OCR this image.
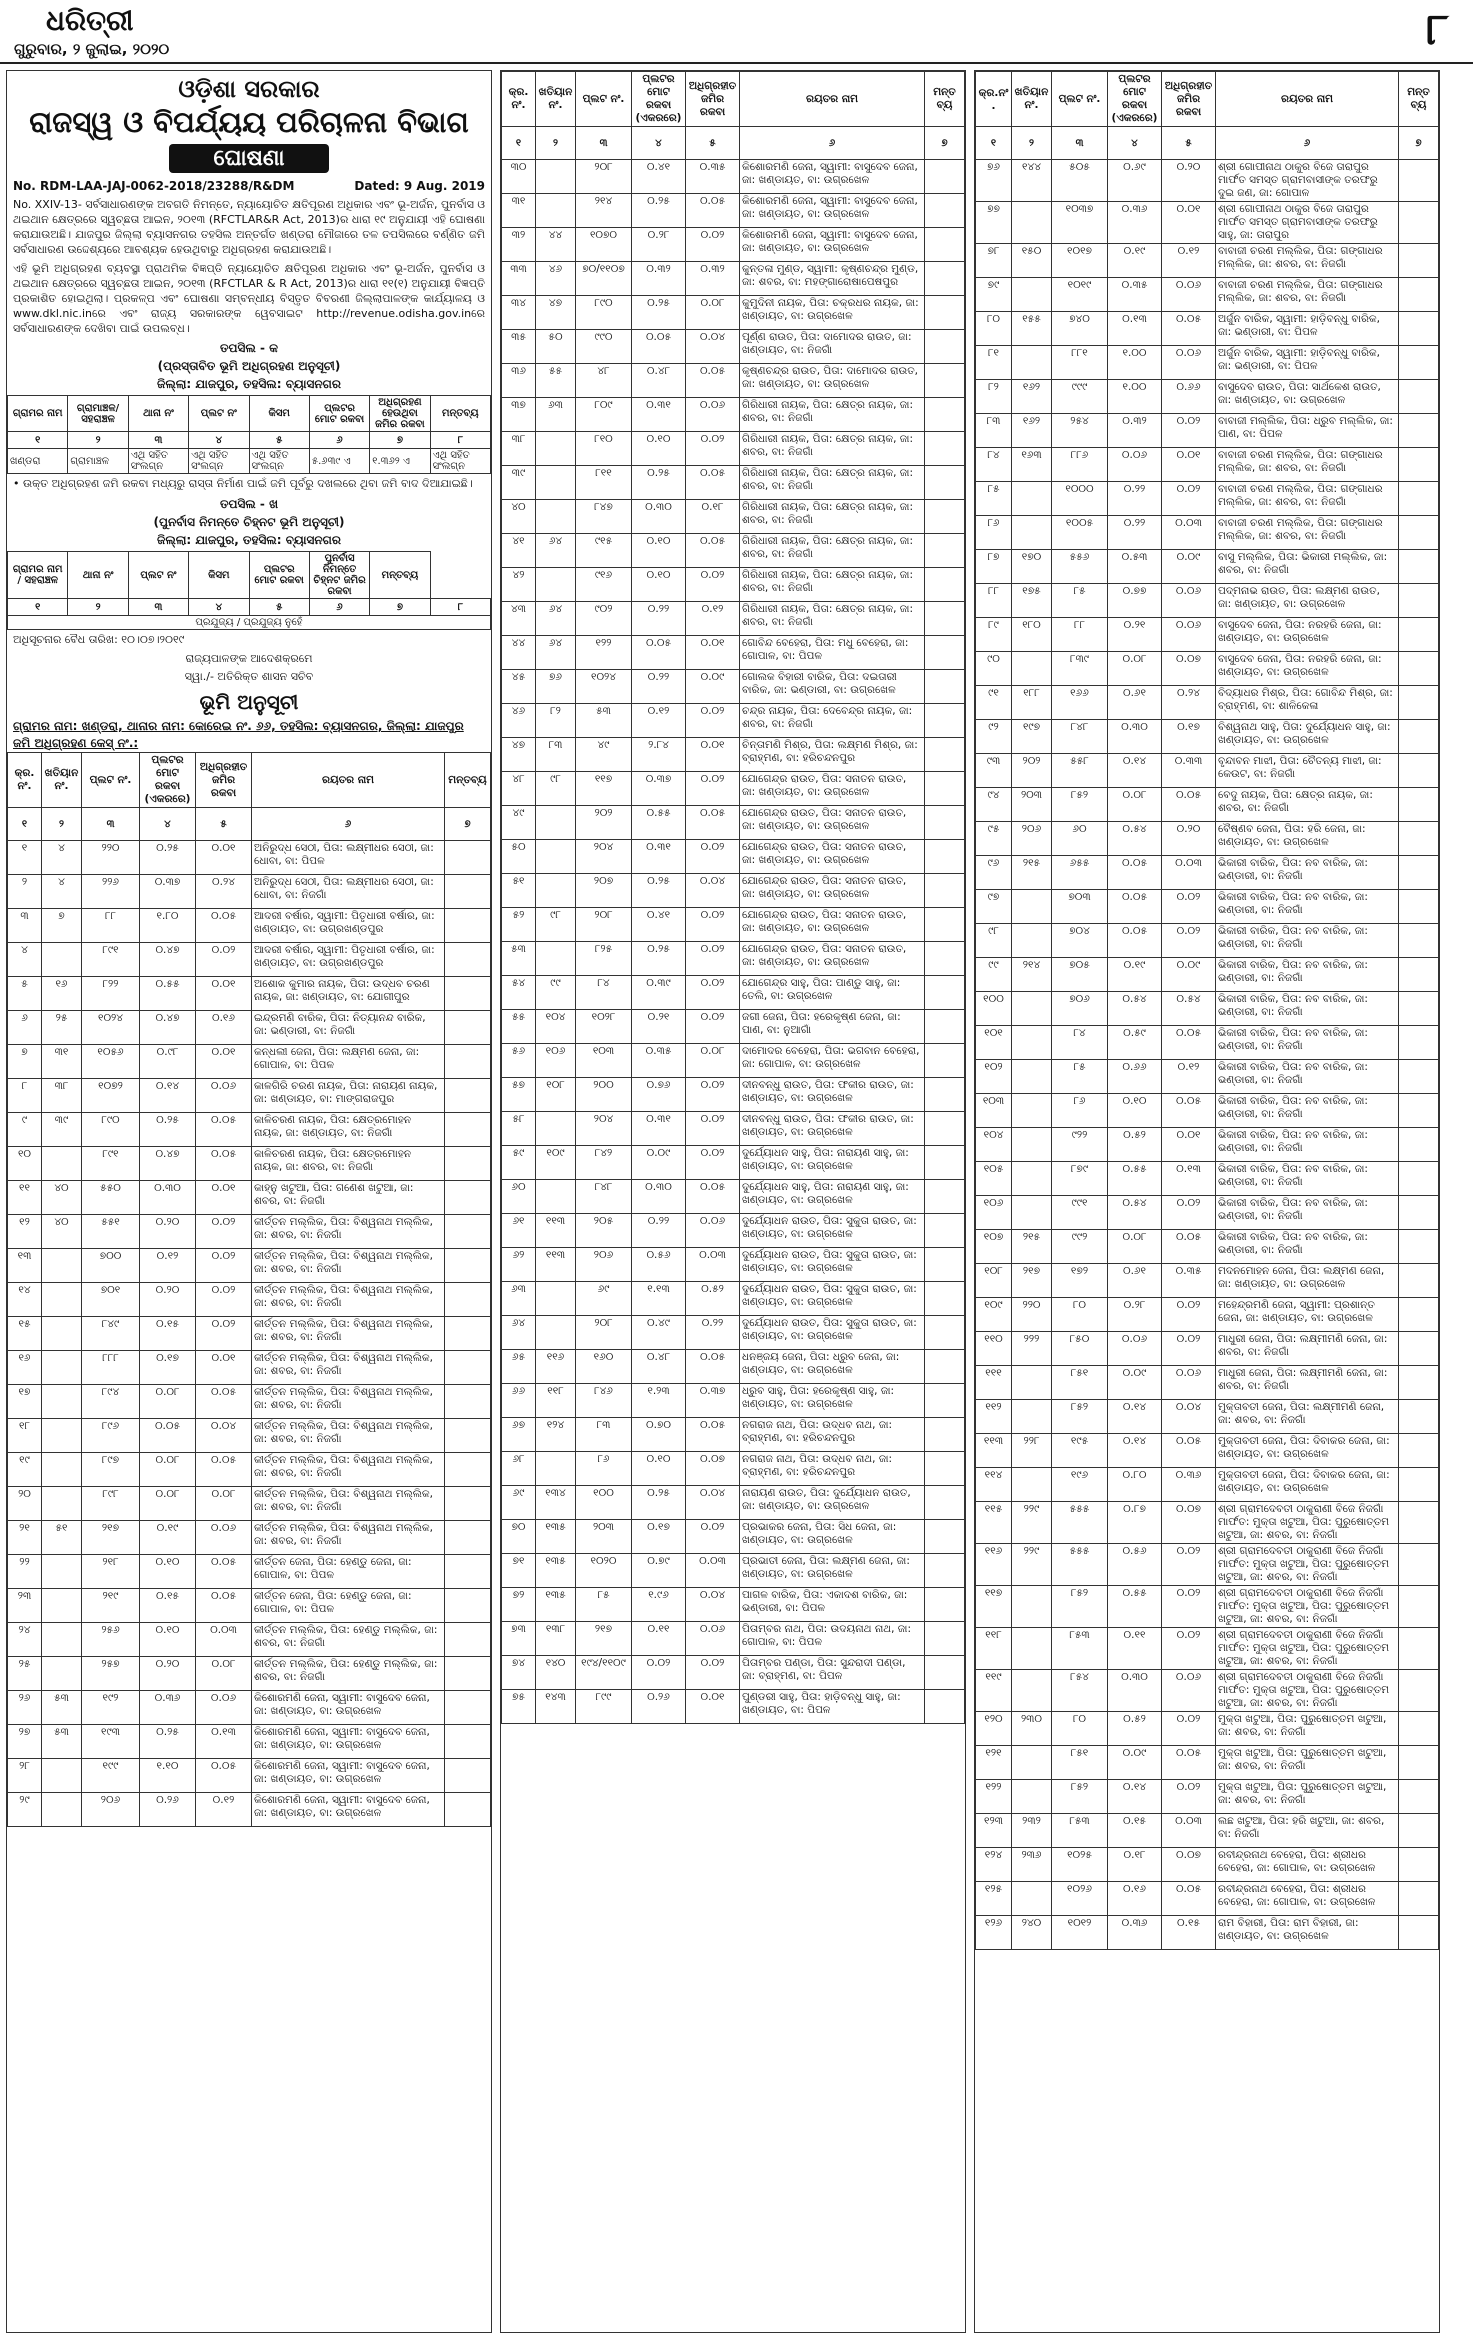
ଧରିତ୍ରୀ
ଗୁରୁବାର, ୨ ଜୁଲାଇ, ୨୦୨୦	୮
ଓଡ଼ିଶା ସରକାର
ରାଜସ୍ୱ ଓ ବିପର୍ଯ୍ୟୟ ପରିଚାଳନା ବିଭାଗ
ଘୋଷଣା
No. RDM-LAA-JAJ-0062-2018/23288/R&DM	Dated: 9 Aug. 2019
No. XXIV-13- ସର୍ବସାଧାରଣଙ୍କ ଅବଗତି ନିମନ୍ତେ, ନ୍ୟାୟୋଚିତ କ୍ଷତିପୂରଣ ଅଧିକାର ଏବଂ ଭୂ-ଅର୍ଜନ, ପୁନର୍ବାସ ଓ ଥଇଥାନ କ୍ଷେତ୍ରରେ ସ୍ୱଚ୍ଛତା ଆଇନ, ୨୦୧୩ (RFCTLAR&R Act, 2013)ର ଧାରା ୧୯ ଅନୁଯାୟୀ ଏହି ଘୋଷଣା କରାଯାଉଅଛି। ଯାଜପୁର ଜିଲ୍ଲା ବ୍ୟାସନଗର ତହସିଲ ଅନ୍ତର୍ଗତ ଖଣ୍ଡରା ମୌଜାରେ ତଳ ତପସିଲରେ ବର୍ଣ୍ଣିତ ଜମି ସର୍ବସାଧାରଣ ଉଦ୍ଦେଶ୍ୟରେ ଆବଶ୍ୟକ ହେଉଥିବାରୁ ଅଧିଗ୍ରହଣ କରାଯାଉଅଛି।
ଏହି ଭୂମି ଅଧିଗ୍ରହଣ ବ୍ୟବସ୍ଥା ପ୍ରାଥମିକ ବିଜ୍ଞପ୍ତି ନ୍ୟାୟୋଚିତ କ୍ଷତିପୂରଣ ଅଧିକାର ଏବଂ ଭୂ-ଅର୍ଜନ, ପୁନର୍ବାସ ଓ ଥଇଥାନ କ୍ଷେତ୍ରରେ ସ୍ୱଚ୍ଛତା ଆଇନ, ୨୦୧୩ (RFCTLAR & R Act, 2013)ର ଧାରା ୧୧(୧) ଅନୁଯାୟୀ ବିଜ୍ଞପ୍ତି ପ୍ରକାଶିତ ହୋଇଥିଲା। ପ୍ରକଳ୍ପ ଏବଂ ଘୋଷଣା ସମ୍ବନ୍ଧୀୟ ବିସ୍ତୃତ ବିବରଣୀ ଜିଲ୍ଲାପାଳଙ୍କ କାର୍ଯ୍ୟାଳୟ ଓ www.dkl.nic.inରେ ଏବଂ ରାଜ୍ୟ ସରକାରଙ୍କ ୱେବସାଇଟ http://revenue.odisha.gov.inରେ ସର୍ବସାଧାରଣଙ୍କ ଦେଖିବା ପାଇଁ ଉପଲବ୍ଧ।
ତପସିଲ - କ
(ପ୍ରସ୍ତାବିତ ଭୂମି ଅଧିଗ୍ରହଣ ଅନୁସୂଚୀ)
ଜିଲ୍ଲା: ଯାଜପୁର, ତହସିଲ: ବ୍ୟାସନଗର
ଗ୍ରାମର ନାମ	ଗ୍ରାମାଞ୍ଚଳ/ସହରାଞ୍ଚଳ	ଥାନା ନଂ	ପ୍ଲଟ ନଂ	କିସମ	ପ୍ଲଟର ମୋଟ ରକବା	ଅଧିଗ୍ରହଣ ହେଉଥିବା ଜମିର ରକବା	ମନ୍ତବ୍ୟ
୧	୨	୩	୪	୫	୬	୭	୮
ଖଣ୍ଡରା	ଗ୍ରାମାଞ୍ଚଳ	ଏଥି ସହିତ ସଂଲଗ୍ନ	ଏଥି ସହିତ ସଂଲଗ୍ନ	ଏଥି ସହିତ ସଂଲଗ୍ନ	୫.୬୩୯ ଏ	୧.୩୬୨ ଏ	ଏଥି ସହିତ ସଂଲଗ୍ନ
• ଉକ୍ତ ଅଧିଗ୍ରହଣ ଜମି ରକବା ମଧ୍ୟରୁ ରାସ୍ତା ନିର୍ମାଣ ପାଇଁ ଜମି ପୂର୍ବରୁ ଦଖଲରେ ଥିବା ଜମି ବାଦ ଦିଆଯାଇଛି।
ତପସିଲ - ଖ
(ପୁନର୍ବାସ ନିମନ୍ତେ ଚିହ୍ନଟ ଭୂମି ଅନୁସୂଚୀ)
ଜିଲ୍ଲା: ଯାଜପୁର, ତହସିଲ: ବ୍ୟାସନଗର
ଗ୍ରାମର ନାମ / ସହରାଞ୍ଚଳ	ଥାନା ନଂ	ପ୍ଲଟ ନଂ	କିସମ	ପ୍ଲଟର ମୋଟ ରକବା	ପୁନର୍ବାସ ନିମନ୍ତେ ଚିହ୍ନଟ ଜମିର ରକବା	ମନ୍ତବ୍ୟ	
୧	୨	୩	୪	୫	୬	୭	୮
ପ୍ରଯୁଜ୍ୟ / ପ୍ରଯୁଜ୍ୟ ନୁହେଁ							
ଅଧିସୂଚନାର ବୈଧ ତାରିଖ: ୧୦।୦୭।୨୦୧୯
ରାଜ୍ୟପାଳଙ୍କ ଆଦେଶକ୍ରମେ
ସ୍ୱା./- ଅତିରିକ୍ତ ଶାସନ ସଚିବ
ଭୂମି ଅନୁସୂଚୀ
ଗ୍ରାମର ନାମ: ଖଣ୍ଡରା, ଥାନାର ନାମ: କୋରେଇ ନଂ. ୬୬, ତହସିଲ: ବ୍ୟାସନଗର, ଜିଲ୍ଲା: ଯାଜପୁର
ଜମି ଅଧିଗ୍ରହଣ କେସ୍ ନଂ.:
କ୍ର.ନଂ.	ଖତିୟାନ ନଂ.	ପ୍ଲଟ ନଂ.	ପ୍ଲଟର ମୋଟ ରକବା (ଏକରରେ)	ଅଧିଗ୍ରହୀତ ଜମିର ରକବା	ରୟତର ନାମ	ମନ୍ତବ୍ୟ
୧	୨	୩	୪	୫	୬	୭
୧	୪	୨୨୦	୦.୨୫	୦.୦୧	ଅନିରୁଦ୍ଧ ସେଠୀ, ପିତା: ଲକ୍ଷ୍ମୀଧର ସେଠୀ, ଜା: ଧୋବା, ବା: ପିପଳ	
୨	୪	୨୨୬	୦.୩୭	୦.୨୪	ଅନିରୁଦ୍ଧ ସେଠୀ, ପିତା: ଲକ୍ଷ୍ମୀଧର ସେଠୀ, ଜା: ଧୋବା, ବା: ନିଜଗାଁ	
୩	୭	୮୮	୧.୮୦	୦.୦୫	ଆଦରୀ ବର୍ଷାର, ସ୍ୱାମୀ: ପିତୃଧାରୀ ବର୍ଷାର, ଜା: ଖଣ୍ଡାୟତ, ବା: ଉଗ୍ରଖଣ୍ଡପୁର	
୪		୮୯୧	୦.୪୭	୦.୦୨	ଆଦରୀ ବର୍ଷାର, ସ୍ୱାମୀ: ପିତୃଧାରୀ ବର୍ଷାର, ଜା: ଖଣ୍ଡାୟତ, ବା: ଉଗ୍ରଖଣ୍ଡପୁର	
୫	୧୬	୮୨୨	୦.୫୫	୦.୦୧	ଅଶୋକ କୁମାର ନାୟକ, ପିତା: ଉଦ୍ଧବ ଚରଣ ନାୟକ, ଜା: ଖଣ୍ଡାୟତ, ବା: ଯୋଗୀପୁର	
୬	୨୫	୧୦୨୪	୦.୪୭	୦.୧୬	ଇନ୍ଦ୍ରମଣି ବାରିକ, ପିତା: ନିତ୍ୟାନନ୍ଦ ବାରିକ, ଜା: ଭଣ୍ଡାରୀ, ବା: ନିଜଗାଁ	
୭	୩୧	୧୦୫୬	୦.୯୮	୦.୦୧	କନ୍ଧଲୀ ଜେନା, ପିତା: ଲକ୍ଷ୍ମଣ ଜେନା, ଜା: ଗୋପାଳ, ବା: ପିପଳ	
୮	୩୮	୧୦୭୨	୦.୧୪	୦.୦୬	କାଳଗିରି ଚରଣ ନାୟକ, ପିତା: ନାରାୟଣ ନାୟକ, ଜା: ଖଣ୍ଡାୟତ, ବା: ମାଙ୍ଗରାଜପୁର	
୯	୩୯	୮୯୦	୦.୨୫	୦.୦୫	କାଳିଚରଣ ନାୟକ, ପିତା: କ୍ଷେତ୍ରମୋହନ ନାୟକ, ଜା: ଖଣ୍ଡାୟତ, ବା: ନିଜଗାଁ	
୧୦		୮୯୧	୦.୪୭	୦.୦୫	କାଳିଚରଣ ନାୟକ, ପିତା: କ୍ଷେତ୍ରମୋହନ ନାୟକ, ଜା: ଶବର, ବା: ନିଜଗାଁ	
୧୧	୪୦	୫୫୦	୦.୩୦	୦.୦୧	କାହ୍ନୁ ଖଟୁଆ, ପିତା: ଗଣେଶ ଖଟୁଆ, ଜା: ଶବର, ବା: ନିଜଗାଁ	
୧୨	୪୦	୫୫୧	୦.୨୦	୦.୦୨	କୀର୍ତ୍ତନ ମଲ୍ଲିକ, ପିତା: ବିଶ୍ୱନାଥ ମଲ୍ଲିକ, ଜା: ଶବର, ବା: ନିଜଗାଁ	
୧୩		୭୦୦	୦.୧୨	୦.୦୨	କୀର୍ତ୍ତନ ମଲ୍ଲିକ, ପିତା: ବିଶ୍ୱନାଥ ମଲ୍ଲିକ, ଜା: ଶବର, ବା: ନିଜଗାଁ	
୧୪		୭୦୧	୦.୨୦	୦.୦୨	କୀର୍ତ୍ତନ ମଲ୍ଲିକ, ପିତା: ବିଶ୍ୱନାଥ ମଲ୍ଲିକ, ଜା: ଶବର, ବା: ନିଜଗାଁ	
୧୫		୮୪୯	୦.୧୫	୦.୦୨	କୀର୍ତ୍ତନ ମଲ୍ଲିକ, ପିତା: ବିଶ୍ୱନାଥ ମଲ୍ଲିକ, ଜା: ଶବର, ବା: ନିଜଗାଁ	
୧୬		୮୮୮	୦.୧୭	୦.୦୧	କୀର୍ତ୍ତନ ମଲ୍ଲିକ, ପିତା: ବିଶ୍ୱନାଥ ମଲ୍ଲିକ, ଜା: ଶବର, ବା: ନିଜଗାଁ	
୧୭		୮୯୪	୦.୦୮	୦.୦୫	କୀର୍ତ୍ତନ ମଲ୍ଲିକ, ପିତା: ବିଶ୍ୱନାଥ ମଲ୍ଲିକ, ଜା: ଶବର, ବା: ନିଜଗାଁ	
୧୮		୮୯୬	୦.୦୫	୦.୦୪	କୀର୍ତ୍ତନ ମଲ୍ଲିକ, ପିତା: ବିଶ୍ୱନାଥ ମଲ୍ଲିକ, ଜା: ଶବର, ବା: ନିଜଗାଁ	
୧୯		୮୯୭	୦.୦୮	୦.୦୫	କୀର୍ତ୍ତନ ମଲ୍ଲିକ, ପିତା: ବିଶ୍ୱନାଥ ମଲ୍ଲିକ, ଜା: ଶବର, ବା: ନିଜଗାଁ	
୨୦		୮୯୮	୦.୦୮	୦.୦୮	କୀର୍ତ୍ତନ ମଲ୍ଲିକ, ପିତା: ବିଶ୍ୱନାଥ ମଲ୍ଲିକ, ଜା: ଶବର, ବା: ନିଜଗାଁ	
୨୧	୫୧	୨୧୭	୦.୧୯	୦.୦୬	କୀର୍ତ୍ତନ ମଲ୍ଲିକ, ପିତା: ବିଶ୍ୱନାଥ ମଲ୍ଲିକ, ଜା: ଶବର, ବା: ନିଜଗାଁ	
୨୨		୨୧୮	୦.୧୦	୦.୦୫	କୀର୍ତ୍ତନ ଜେନା, ପିତା: ହେଣ୍ଡୁ ଜେନା, ଜା: ଗୋପାଳ, ବା: ପିପଳ	
୨୩		୨୧୯	୦.୧୫	୦.୦୫	କୀର୍ତ୍ତନ ଜେନା, ପିତା: ହେଣ୍ଡୁ ଜେନା, ଜା: ଗୋପାଳ, ବା: ପିପଳ	
୨୪		୨୫୬	୦.୧୦	୦.୦୩	କୀର୍ତ୍ତନ ମଲ୍ଲିକ, ପିତା: ହେଣ୍ଡୁ ମଲ୍ଲିକ, ଜା: ଶବର, ବା: ନିଜଗାଁ	
୨୫		୨୫୭	୦.୨୦	୦.୦୮	କୀର୍ତ୍ତନ ମଲ୍ଲିକ, ପିତା: ହେଣ୍ଡୁ ମଲ୍ଲିକ, ଜା: ଶବର, ବା: ନିଜଗାଁ	
୨୬	୫୩	୧୯୨	୦.୩୬	୦.୦୬	କିଶୋରମଣି ଜେନା, ସ୍ୱାମୀ: ବାସୁଦେବ ଜେନା, ଜା: ଖଣ୍ଡାୟତ, ବା: ଉଗ୍ରଖେଳ	
୨୭	୫୩	୧୯୩	୦.୨୫	୦.୧୩	କିଶୋରମଣି ଜେନା, ସ୍ୱାମୀ: ବାସୁଦେବ ଜେନା, ଜା: ଖଣ୍ଡାୟତ, ବା: ଉଗ୍ରଖେଳ	
୨୮		୧୯୯	୧.୧୦	୦.୦୫	କିଶୋରମଣି ଜେନା, ସ୍ୱାମୀ: ବାସୁଦେବ ଜେନା, ଜା: ଖଣ୍ଡାୟତ, ବା: ଉଗ୍ରଖେଳ	
୨୯		୨୦୬	୦.୨୬	୦.୧୨	କିଶୋରମଣି ଜେନା, ସ୍ୱାମୀ: ବାସୁଦେବ ଜେନା, ଜା: ଖଣ୍ଡାୟତ, ବା: ଉଗ୍ରଖେଳ	
କ୍ର.ନଂ.	ଖତିୟାନ ନଂ.	ପ୍ଲଟ ନଂ.	ପ୍ଲଟର ମୋଟ ରକବା (ଏକରରେ)	ଅଧିଗ୍ରହୀତ ଜମିର ରକବା	ରୟତର ନାମ	ମନ୍ତବ୍ୟ
୧	୨	୩	୪	୫	୬	୭
୩୦		୨୦୮	୦.୪୧	୦.୩୫	କିଶୋରମଣି ଜେନା, ସ୍ୱାମୀ: ବାସୁଦେବ ଜେନା, ଜା: ଖଣ୍ଡାୟତ, ବା: ଉଗ୍ରଖେଳ	
୩୧		୨୧୪	୦.୨୫	୦.୦୫	କିଶୋରମଣି ଜେନା, ସ୍ୱାମୀ: ବାସୁଦେବ ଜେନା, ଜା: ଖଣ୍ଡାୟତ, ବା: ଉଗ୍ରଖେଳ	
୩୨	୪୪	୧୦୭୦	୦.୨୮	୦.୦୨	କିଶୋରମଣି ଜେନା, ସ୍ୱାମୀ: ବାସୁଦେବ ଜେନା, ଜା: ଖଣ୍ଡାୟତ, ବା: ଉଗ୍ରଖେଳ	
୩୩	୪୬	୭୦/୧୧୦୭	୦.୩୨	୦.୩୨	କୁନ୍ତଳା ମୁଣ୍ଡ, ସ୍ୱାମୀ: କୃଷ୍ଣଚନ୍ଦ୍ର ମୁଣ୍ଡ, ଜା: ଶବର, ବା: ମହଙ୍ଗାରୋଷାପେଷପୁର	
୩୪	୪୭	୮୯୦	୦.୨୫	୦.୦୮	କୁମୁଦିନୀ ନାୟକ, ପିତା: ଚକ୍ରଧର ନାୟକ, ଜା: ଖଣ୍ଡାୟତ, ବା: ଉଗ୍ରଖେଳ	
୩୫	୫୦	୯୯୦	୦.୦୫	୦.୦୪	ପୂର୍ଣ୍ଣ ରାଉତ, ପିତା: ଦାମୋଦର ରାଉତ, ଜା: ଖଣ୍ଡାୟତ, ବା: ନିଜଗାଁ	
୩୬	୫୫	୪୮	୦.୪୮	୦.୦୫	କୃଷ୍ଣଚନ୍ଦ୍ର ରାଉତ, ପିତା: ଦାମୋଦର ରାଉତ, ଜା: ଖଣ୍ଡାୟତ, ବା: ଉଗ୍ରଖେଳ	
୩୭	୬୩	୮୦୯	୦.୩୧	୦.୦୬	ଗିରିଧାରୀ ନାୟକ, ପିତା: କ୍ଷେତ୍ର ନାୟକ, ଜା: ଶବର, ବା: ନିଜଗାଁ	
୩୮		୮୧୦	୦.୧୦	୦.୦୨	ଗିରିଧାରୀ ନାୟକ, ପିତା: କ୍ଷେତ୍ର ନାୟକ, ଜା: ଶବର, ବା: ନିଜଗାଁ	
୩୯		୮୧୧	୦.୨୫	୦.୦୫	ଗିରିଧାରୀ ନାୟକ, ପିତା: କ୍ଷେତ୍ର ନାୟକ, ଜା: ଶବର, ବା: ନିଜଗାଁ	
୪୦		୮୪୭	୦.୩୦	୦.୧୮	ଗିରିଧାରୀ ନାୟକ, ପିତା: କ୍ଷେତ୍ର ନାୟକ, ଜା: ଶବର, ବା: ନିଜଗାଁ	
୪୧	୬୪	୯୧୫	୦.୧୦	୦.୦୫	ଗିରିଧାରୀ ନାୟକ, ପିତା: କ୍ଷେତ୍ର ନାୟକ, ଜା: ଶବର, ବା: ନିଜଗାଁ	
୪୨		୯୧୬	୦.୧୦	୦.୦୨	ଗିରିଧାରୀ ନାୟକ, ପିତା: କ୍ଷେତ୍ର ନାୟକ, ଜା: ଶବର, ବା: ନିଜଗାଁ	
୪୩	୬୪	୯୦୨	୦.୨୨	୦.୧୨	ଗିରିଧାରୀ ନାୟକ, ପିତା: କ୍ଷେତ୍ର ନାୟକ, ଜା: ଶବର, ବା: ନିଜଗାଁ	
୪୪	୬୪	୧୨୨	୦.୦୫	୦.୦୧	ଗୋବିନ୍ଦ ବେହେରା, ପିତା: ମଧୁ ବେହେରା, ଜା: ଗୋପାଳ, ବା: ପିପଳ	
୪୫	୭୬	୧୦୨୪	୦.୨୨	୦.୦୯	ଗୋଲକ ବିହାରୀ ବାରିକ, ପିତା: ଦଇତାରୀ ବାରିକ, ଜା: ଭଣ୍ଡାରୀ, ବା: ଉଗ୍ରଖେଳ	
୪୬	୮୨	୫୩	୦.୧୨	୦.୦୨	ଚନ୍ଦ୍ର ନାୟକ, ପିତା: ଦେବେନ୍ଦ୍ର ନାୟକ, ଜା: ଶବର, ବା: ନିଜଗାଁ	
୪୭	୮୩	୪୯	୨.୮୪	୦.୦୧	ଚିନ୍ତାମଣି ମିଶ୍ର, ପିତା: ଲକ୍ଷ୍ମଣ ମିଶ୍ର, ଜା: ବ୍ରାହ୍ମଣ, ବା: ହରିଚନ୍ଦନପୁର	
୪୮	୯୮	୧୧୭	୦.୩୭	୦.୦୨	ଯୋଗେନ୍ଦ୍ର ରାଉତ, ପିତା: ସନାତନ ରାଉତ, ଜା: ଖଣ୍ଡାୟତ, ବା: ଉଗ୍ରଖେଳ	
୪୯		୨୦୨	୦.୫୫	୦.୦୫	ଯୋଗେନ୍ଦ୍ର ରାଉତ, ପିତା: ସନାତନ ରାଉତ, ଜା: ଖଣ୍ଡାୟତ, ବା: ଉଗ୍ରଖେଳ	
୫୦		୨୦୪	୦.୩୧	୦.୦୨	ଯୋଗେନ୍ଦ୍ର ରାଉତ, ପିତା: ସନାତନ ରାଉତ, ଜା: ଖଣ୍ଡାୟତ, ବା: ଉଗ୍ରଖେଳ	
୫୧		୨୦୭	୦.୨୫	୦.୦୪	ଯୋଗେନ୍ଦ୍ର ରାଉତ, ପିତା: ସନାତନ ରାଉତ, ଜା: ଖଣ୍ଡାୟତ, ବା: ଉଗ୍ରଖେଳ	
୫୨	୯୮	୨୦୮	୦.୪୧	୦.୦୨	ଯୋଗେନ୍ଦ୍ର ରାଉତ, ପିତା: ସନାତନ ରାଉତ, ଜା: ଖଣ୍ଡାୟତ, ବା: ଉଗ୍ରଖେଳ	
୫୩		୮୨୫	୦.୨୫	୦.୦୨	ଯୋଗେନ୍ଦ୍ର ରାଉତ, ପିତା: ସନାତନ ରାଉତ, ଜା: ଖଣ୍ଡାୟତ, ବା: ଉଗ୍ରଖେଳ	
୫୪	୯୯	୮୪	୦.୩୯	୦.୦୨	ଯୋଗେନ୍ଦ୍ର ସାହୁ, ପିତା: ପାଣ୍ଡୁ ସାହୁ, ଜା: ତେଲି, ବା: ଉଗ୍ରଖେଳ	
୫୫	୧୦୪	୧୦୨୮	୦.୨୧	୦.୦୨	ଜଗୀ ଜେନା, ପିତା: ହରେକୃଷ୍ଣ ଜେନା, ଜା: ପାଣ, ବା: ନୁଆଗାଁ	
୫୬	୧୦୬	୧୦୩	୦.୩୫	୦.୦୮	ଦାମୋଦର ବେହେରା, ପିତା: ଭଗବାନ ବେହେରା, ଜା: ଗୋପାଳ, ବା: ଉଗ୍ରଖେଳ	
୫୭	୧୦୮	୨୦୦	୦.୭୬	୦.୦୨	ଦୀନବନ୍ଧୁ ରାଉତ, ପିତା: ଫକୀର ରାଉତ, ଜା: ଖଣ୍ଡାୟତ, ବା: ଉଗ୍ରଖେଳ	
୫୮		୨୦୪	୦.୩୧	୦.୦୨	ଦୀନବନ୍ଧୁ ରାଉତ, ପିତା: ଫକୀର ରାଉତ, ଜା: ଖଣ୍ଡାୟତ, ବା: ଉଗ୍ରଖେଳ	
୫୯	୧୦୯	୮୪୨	୦.୦୯	୦.୦୨	ଦୁର୍ଯ୍ୟୋଧନ ସାହୁ, ପିତା: ନାରାୟଣ ସାହୁ, ଜା: ଖଣ୍ଡାୟତ, ବା: ଉଗ୍ରଖେଳ	
୬୦		୮୪୮	୦.୩୦	୦.୦୫	ଦୁର୍ଯ୍ୟୋଧନ ସାହୁ, ପିତା: ନାରାୟଣ ସାହୁ, ଜା: ଖଣ୍ଡାୟତ, ବା: ଉଗ୍ରଖେଳ	
୬୧	୧୧୩	୨୦୫	୦.୨୨	୦.୦୬	ଦୁର୍ଯ୍ୟୋଧନ ରାଉତ, ପିତା: ସୁକୁତା ରାଉତ, ଜା: ଖଣ୍ଡାୟତ, ବା: ଉଗ୍ରଖେଳ	
୬୨	୧୧୩	୨୦୬	୦.୫୬	୦.୦୩	ଦୁର୍ଯ୍ୟୋଧନ ରାଉତ, ପିତା: ସୁକୁତା ରାଉତ, ଜା: ଖଣ୍ଡାୟତ, ବା: ଉଗ୍ରଖେଳ	
୬୩		୬୯	୧.୧୩	୦.୫୨	ଦୁର୍ଯ୍ୟୋଧନ ରାଉତ, ପିତା: ସୁକୁତା ରାଉତ, ଜା: ଖଣ୍ଡାୟତ, ବା: ଉଗ୍ରଖେଳ	
୬୪		୨୦୮	୦.୪୯	୦.୨୨	ଦୁର୍ଯ୍ୟୋଧନ ରାଉତ, ପିତା: ସୁକୁତା ରାଉତ, ଜା: ଖଣ୍ଡାୟତ, ବା: ଉଗ୍ରଖେଳ	
୬୫	୧୧୬	୧୬୦	୦.୪୮	୦.୦୫	ଧନଞ୍ଜୟ ଜେନା, ପିତା: ଧ୍ରୁବ ଜେନା, ଜା: ଖଣ୍ଡାୟତ, ବା: ଉଗ୍ରଖେଳ	
୬୬	୧୧୮	୮୪୬	୧.୨୩	୦.୩୭	ଧ୍ରୁବ ସାହୁ, ପିତା: ହରେକୃଷ୍ଣ ସାହୁ, ଜା: ଖଣ୍ଡାୟତ, ବା: ଉଗ୍ରଖେଳ	
୬୭	୧୨୪	୮୩	୦.୭୦	୦.୦୫	ନଗରାଜ ନାଥ, ପିତା: ଉଦ୍ଧବ ନାଥ, ଜା: ବ୍ରାହ୍ମଣ, ବା: ହରିଚନ୍ଦନପୁର	
୬୮		୮୬	୦.୧୦	୦.୦୭	ନଗରାଜ ନାଥ, ପିତା: ଉଦ୍ଧବ ନାଥ, ଜା: ବ୍ରାହ୍ମଣ, ବା: ହରିଚନ୍ଦନପୁର	
୬୯	୧୩୪	୧୦୦	୦.୨୫	୦.୦୪	ନାରାୟଣ ରାଉତ, ପିତା: ଦୁର୍ଯ୍ୟୋଧନ ରାଉତ, ଜା: ଖଣ୍ଡାୟତ, ବା: ଉଗ୍ରଖେଳ	
୭୦	୧୩୫	୨୦୩	୦.୧୭	୦.୦୨	ପ୍ରଭାକର ଜେନା, ପିତା: ସିଧ ଜେନା, ଜା: ଖଣ୍ଡାୟତ, ବା: ଉଗ୍ରଖେଳ	
୭୧	୧୩୫	୧୦୨୦	୦.୭୯	୦.୦୩	ପ୍ରଭାତୀ ଜେନା, ପିତା: ଲକ୍ଷ୍ମଣ ଜେନା, ଜା: ଖଣ୍ଡାୟତ, ବା: ଉଗ୍ରଖେଳ	
୭୨	୧୩୫	୮୫	୧.୯୬	୦.୦୪	ପାଗଳ ବାରିକ, ପିତା: ଏକାଦଶ ବାରିକ, ଜା: ଭଣ୍ଡାରୀ, ବା: ପିପଳ	
୭୩	୧୩୮	୨୧୭	୦.୧୧	୦.୦୬	ପିତାମ୍ବର ନାଥ, ପିତା: ଉଦୟନାଥ ନାଥ, ଜା: ଗୋପାଳ, ବା: ପିପଳ	
୭୪	୧୪୦	୧୯୪/୧୧୦୯	୦.୦୨	୦.୦୨	ପିତାମ୍ବର ପଣ୍ଡା, ପିତା: ସୁନ୍ଦରାଦୀ ପଣ୍ଡା, ଜା: ବ୍ରାହ୍ମଣ, ବା: ପିପଳ	
୭୫	୧୪୩	୮୯୯	୦.୨୬	୦.୦୧	ପୁଣ୍ଡରୀ ସାହୁ, ପିତା: ହାଡ଼ିବନ୍ଧୁ ସାହୁ, ଜା: ଖଣ୍ଡାୟତ, ବା: ପିପଳ	
କ୍ର.ନଂ.	ଖତିୟାନ ନଂ.	ପ୍ଲଟ ନଂ.	ପ୍ଲଟର ମୋଟ ରକବା (ଏକରରେ)	ଅଧିଗ୍ରହୀତ ଜମିର ରକବା	ରୟତର ନାମ	ମନ୍ତବ୍ୟ
୧	୨	୩	୪	୫	୬	୭
୭୬	୧୪୪	୫୦୫	୦.୬୯	୦.୨୦	ଶ୍ରୀ ଗୋପୀନାଥ ଠାକୁର ବିଜେ ତାରାପୁର ମାର୍ଫତ ସମସ୍ତ ଗ୍ରାମବାସୀଙ୍କ ତରଫରୁ ଦୁଇ ଜଣ, ଜା: ଗୋପାଳ	
୭୭		୧୦୩୭	୦.୩୬	୦.୦୧	ଶ୍ରୀ ଗୋପୀନାଥ ଠାକୁର ବିଜେ ତାରାପୁର ମାର୍ଫତ ସମସ୍ତ ଗ୍ରାମବାସୀଙ୍କ ତରଫରୁ ସାହୁ, ଜା: ତାରାପୁର	
୭୮	୧୫୦	୧୦୧୭	୦.୧୯	୦.୧୨	ବାବାଜୀ ଚରଣ ମଲ୍ଲିକ, ପିତା: ଗଙ୍ଗାଧର ମଲ୍ଲିକ, ଜା: ଶବର, ବା: ନିଜଗାଁ	
୭୯		୧୦୧୯	୦.୩୫	୦.୦୬	ବାବାଜୀ ଚରଣ ମଲ୍ଲିକ, ପିତା: ଗଙ୍ଗାଧର ମଲ୍ଲିକ, ଜା: ଶବର, ବା: ନିଜଗାଁ	
୮୦	୧୫୫	୭୪୦	୦.୧୩	୦.୦୫	ଅର୍ଜୁନ ବାରିକ, ସ୍ୱାମୀ: ହାଡ଼ିବନ୍ଧୁ ବାରିକ, ଜା: ଭଣ୍ଡାରୀ, ବା: ପିପଳ	
୮୧		୮୮୧	୧.୦୦	୦.୦୬	ଅର୍ଜୁନ ବାରିକ, ସ୍ୱାମୀ: ହାଡ଼ିବନ୍ଧୁ ବାରିକ, ଜା: ଭଣ୍ଡାରୀ, ବା: ପିପଳ	
୮୨	୧୬୨	୯୯୯	୧.୦୦	୦.୬୬	ବାସୁଦେବ ରାଉତ, ପିତା: ସାର୍ଥକେଶ ରାଉତ, ଜା: ଖଣ୍ଡାୟତ, ବା: ଉଗ୍ରଖେଳ	
୮୩	୧୬୨	୨୫୪	୦.୩୨	୦.୦୨	ବାବାଜୀ ମଲ୍ଲିକ, ପିତା: ଧ୍ରୁବ ମଲ୍ଲିକ, ଜା: ପାଣ, ବା: ପିପଳ	
୮୪	୧୬୩	୮୮୬	୦.୦୬	୦.୦୧	ବାବାଜୀ ଚରଣ ମଲ୍ଲିକ, ପିତା: ଗଙ୍ଗାଧର ମଲ୍ଲିକ, ଜା: ଶବର, ବା: ନିଜଗାଁ	
୮୫		୧୦୦୦	୦.୨୨	୦.୦୨	ବାବାଜୀ ଚରଣ ମଲ୍ଲିକ, ପିତା: ଗଙ୍ଗାଧର ମଲ୍ଲିକ, ଜା: ଶବର, ବା: ନିଜଗାଁ	
୮୬		୧୦୦୫	୦.୨୨	୦.୦୩	ବାବାଜୀ ଚରଣ ମଲ୍ଲିକ, ପିତା: ଗଙ୍ଗାଧର ମଲ୍ଲିକ, ଜା: ଶବର, ବା: ନିଜଗାଁ	
୮୭	୧୭୦	୫୫୬	୦.୫୩	୦.୦୯	ବାସୁ ମଲ୍ଲିକ, ପିତା: ଭିକାରୀ ମଲ୍ଲିକ, ଜା: ଶବର, ବା: ନିଜଗାଁ	
୮୮	୧୭୫	୮୫	୦.୭୭	୦.୦୬	ପଦ୍ମନାଭ ରାଉତ, ପିତା: ଲକ୍ଷ୍ମଣ ରାଉତ, ଜା: ଖଣ୍ଡାୟତ, ବା: ଉଗ୍ରଖେଳ	
୮୯	୧୮୦	୮୮	୦.୨୧	୦.୦୬	ବାସୁଦେବ ଜେନା, ପିତା: ନରହରି ଜେନା, ଜା: ଖଣ୍ଡାୟତ, ବା: ଉଗ୍ରଖେଳ	
୯୦		୮୩୯	୦.୦୮	୦.୦୭	ବାସୁଦେବ ଜେନା, ପିତା: ନରହରି ଜେନା, ଜା: ଖଣ୍ଡାୟତ, ବା: ଉଗ୍ରଖେଳ	
୯୧	୧୮୮	୧୬୬	୦.୬୧	୦.୨୪	ବିଦ୍ୟାଧର ମିଶ୍ର, ପିତା: ଗୋବିନ୍ଦ ମିଶ୍ର, ଜା: ବ୍ରାହ୍ମଣ, ବା: ଶାଳିକେଳା	
୯୨	୧୯୭	୮୪୮	୦.୩୦	୦.୧୭	ବିଶ୍ୱନାଥ ସାହୁ, ପିତା: ଦୁର୍ଯ୍ୟୋଧନ ସାହୁ, ଜା: ଖଣ୍ଡାୟତ, ବା: ଉଗ୍ରଖେଳ	
୯୩	୨୦୨	୫୫୮	୦.୧୪	୦.୩୩	ବୃନ୍ଦାବନ ମାଝୀ, ପିତା: ଚୈତନ୍ୟ ମାଝୀ, ଜା: କେଉଟ, ବା: ନିଜଗାଁ	
୯୪	୨୦୩	୮୫୨	୦.୦୮	୦.୦୫	ବେଦୁ ନାୟକ, ପିତା: କ୍ଷେତ୍ର ନାୟକ, ଜା: ଶବର, ବା: ନିଜଗାଁ	
୯୫	୨୦୬	୬୦	୦.୫୪	୦.୨୦	ବୈଷ୍ଣବ ଜେନା, ପିତା: ହରି ଜେନା, ଜା: ଖଣ୍ଡାୟତ, ବା: ଉଗ୍ରଖେଳ	
୯୬	୨୧୫	୬୫୫	୦.୦୫	୦.୦୩	ଭିକାରୀ ବାରିକ, ପିତା: ନବ ବାରିକ, ଜା: ଭଣ୍ଡାରୀ, ବା: ନିଜଗାଁ	
୯୭		୭୦୩	୦.୦୫	୦.୦୨	ଭିକାରୀ ବାରିକ, ପିତା: ନବ ବାରିକ, ଜା: ଭଣ୍ଡାରୀ, ବା: ନିଜଗାଁ	
୯୮		୭୦୪	୦.୦୫	୦.୦୨	ଭିକାରୀ ବାରିକ, ପିତା: ନବ ବାରିକ, ଜା: ଭଣ୍ଡାରୀ, ବା: ନିଜଗାଁ	
୯୯	୨୧୪	୭୦୫	୦.୧୯	୦.୦୯	ଭିକାରୀ ବାରିକ, ପିତା: ନବ ବାରିକ, ଜା: ଭଣ୍ଡାରୀ, ବା: ନିଜଗାଁ	
୧୦୦		୭୦୬	୦.୫୪	୦.୫୪	ଭିକାରୀ ବାରିକ, ପିତା: ନବ ବାରିକ, ଜା: ଭଣ୍ଡାରୀ, ବା: ନିଜଗାଁ	
୧୦୧		୮୪	୦.୫୯	୦.୦୫	ଭିକାରୀ ବାରିକ, ପିତା: ନବ ବାରିକ, ଜା: ଭଣ୍ଡାରୀ, ବା: ନିଜଗାଁ	
୧୦୨		୮୫	୦.୬୬	୦.୧୨	ଭିକାରୀ ବାରିକ, ପିତା: ନବ ବାରିକ, ଜା: ଭଣ୍ଡାରୀ, ବା: ନିଜଗାଁ	
୧୦୩		୮୬	୦.୧୦	୦.୦୫	ଭିକାରୀ ବାରିକ, ପିତା: ନବ ବାରିକ, ଜା: ଭଣ୍ଡାରୀ, ବା: ନିଜଗାଁ	
୧୦୪		୯୨୨	୦.୫୨	୦.୦୧	ଭିକାରୀ ବାରିକ, ପିତା: ନବ ବାରିକ, ଜା: ଭଣ୍ଡାରୀ, ବା: ନିଜଗାଁ	
୧୦୫		୮୭୯	୦.୫୫	୦.୧୩	ଭିକାରୀ ବାରିକ, ପିତା: ନବ ବାରିକ, ଜା: ଭଣ୍ଡାରୀ, ବା: ନିଜଗାଁ	
୧୦୬		୯୯୧	୦.୫୪	୦.୦୨	ଭିକାରୀ ବାରିକ, ପିତା: ନବ ବାରିକ, ଜା: ଭଣ୍ଡାରୀ, ବା: ନିଜଗାଁ	
୧୦୭	୨୧୫	୯୯୨	୦.୦୮	୦.୦୫	ଭିକାରୀ ବାରିକ, ପିତା: ନବ ବାରିକ, ଜା: ଭଣ୍ଡାରୀ, ବା: ନିଜଗାଁ	
୧୦୮	୨୧୭	୧୭୨	୦.୬୧	୦.୩୫	ମଦନମୋହନ ଜେନା, ପିତା: ଲକ୍ଷ୍ମଣ ଜେନା, ଜା: ଖଣ୍ଡାୟତ, ବା: ଉଗ୍ରଖେଳ	
୧୦୯	୨୨୦	୮୦	୦.୨୮	୦.୦୨	ମହେନ୍ଦ୍ରମଣି ଜେନା, ସ୍ୱାମୀ: ପ୍ରଶାନ୍ତ ଜେନା, ଜା: ଖଣ୍ଡାୟତ, ବା: ଉଗ୍ରଖେଳ	
୧୧୦	୨୨୨	୮୫୦	୦.୦୬	୦.୦୨	ମାଧୁରୀ ଜେନା, ପିତା: ଲକ୍ଷ୍ମୀମଣି ଜେନା, ଜା: ଶବର, ବା: ନିଜଗାଁ	
୧୧୧		୮୫୧	୦.୦୯	୦.୦୬	ମାଧୁରୀ ଜେନା, ପିତା: ଲକ୍ଷ୍ମୀମଣି ଜେନା, ଜା: ଶବର, ବା: ନିଜଗାଁ	
୧୧୨		୮୫୨	୦.୧୪	୦.୦୪	ମୁକ୍ତାବତୀ ଜେନା, ପିତା: ଲକ୍ଷ୍ମୀମଣି ଜେନା, ଜା: ଶବର, ବା: ନିଜଗାଁ	
୧୧୩	୨୨୮	୧୯୫	୦.୧୪	୦.୦୫	ମୁକ୍ତାବତୀ ଜେନା, ପିତା: ଦିବାକର ଜେନା, ଜା: ଖଣ୍ଡାୟତ, ବା: ଉଗ୍ରଖେଳ	
୧୧୪		୧୯୬	୦.୮୦	୦.୩୬	ମୁକ୍ତାବତୀ ଜେନା, ପିତା: ଦିବାକର ଜେନା, ଜା: ଖଣ୍ଡାୟତ, ବା: ଉଗ୍ରଖେଳ	
୧୧୫	୨୨୯	୫୫୫	୦.୮୭	୦.୦୭	ଶ୍ରୀ ଗ୍ରାମଦେବତୀ ଠାକୁରାଣୀ ବିଜେ ନିଜଗାଁ ମାର୍ଫତ: ମୁକ୍ତା ଖଟୁଆ, ପିତା: ପୁରୁଷୋତ୍ତମ ଖଟୁଆ, ଜା: ଶବର, ବା: ନିଜଗାଁ	
୧୧୬	୨୨୯	୫୫୫	୦.୫୬	୦.୦୨	ଶ୍ରୀ ଗ୍ରାମଦେବତୀ ଠାକୁରାଣୀ ବିଜେ ନିଜଗାଁ ମାର୍ଫତ: ମୁକ୍ତା ଖଟୁଆ, ପିତା: ପୁରୁଷୋତ୍ତମ ଖଟୁଆ, ଜା: ଶବର, ବା: ନିଜଗାଁ	
୧୧୭		୮୫୨	୦.୫୫	୦.୦୨	ଶ୍ରୀ ଗ୍ରାମଦେବତୀ ଠାକୁରାଣୀ ବିଜେ ନିଜଗାଁ ମାର୍ଫତ: ମୁକ୍ତା ଖଟୁଆ, ପିତା: ପୁରୁଷୋତ୍ତମ ଖଟୁଆ, ଜା: ଶବର, ବା: ନିଜଗାଁ	
୧୧୮		୮୫୩	୦.୧୧	୦.୦୨	ଶ୍ରୀ ଗ୍ରାମଦେବତୀ ଠାକୁରାଣୀ ବିଜେ ନିଜଗାଁ ମାର୍ଫତ: ମୁକ୍ତା ଖଟୁଆ, ପିତା: ପୁରୁଷୋତ୍ତମ ଖଟୁଆ, ଜା: ଶବର, ବା: ନିଜଗାଁ	
୧୧୯		୮୫୪	୦.୩୦	୦.୦୬	ଶ୍ରୀ ଗ୍ରାମଦେବତୀ ଠାକୁରାଣୀ ବିଜେ ନିଜଗାଁ ମାର୍ଫତ: ମୁକ୍ତା ଖଟୁଆ, ପିତା: ପୁରୁଷୋତ୍ତମ ଖଟୁଆ, ଜା: ଶବର, ବା: ନିଜଗାଁ	
୧୨୦	୨୩୦	୮୦	୦.୫୨	୦.୦୨	ମୁକ୍ତା ଖଟୁଆ, ପିତା: ପୁରୁଷୋତ୍ତମ ଖଟୁଆ, ଜା: ଶବର, ବା: ନିଜଗାଁ	
୧୨୧		୮୫୧	୦.୦୯	୦.୦୫	ମୁକ୍ତା ଖଟୁଆ, ପିତା: ପୁରୁଷୋତ୍ତମ ଖଟୁଆ, ଜା: ଶବର, ବା: ନିଜଗାଁ	
୧୨୨		୮୫୨	୦.୧୪	୦.୦୨	ମୁକ୍ତା ଖଟୁଆ, ପିତା: ପୁରୁଷୋତ୍ତମ ଖଟୁଆ, ଜା: ଶବର, ବା: ନିଜଗାଁ	
୧୨୩	୨୩୨	୮୫୩	୦.୧୫	୦.୦୩	ଲଛ ଖଟୁଆ, ପିତା: ହରି ଖଟୁଆ, ଜା: ଶବର, ବା: ନିଜଗାଁ	
୧୨୪	୨୩୬	୧୦୨୫	୦.୧୮	୦.୦୭	ରବୀନ୍ଦ୍ରନାଥ ବେହେରା, ପିତା: ଶ୍ରୀଧର ବେହେରା, ଜା: ଗୋପାଳ, ବା: ଉଗ୍ରଖେଳ	
୧୨୫		୧୦୨୬	୦.୧୬	୦.୦୫	ରବୀନ୍ଦ୍ରନାଥ ବେହେରା, ପିତା: ଶ୍ରୀଧର ବେହେରା, ଜା: ଗୋପାଳ, ବା: ଉଗ୍ରଖେଳ	
୧୨୬	୨୪୦	୧୦୧୨	୦.୩୬	୦.୧୫	ରାମ ବିହାରୀ, ପିତା: ରାମ ବିହାରୀ, ଜା: ଖଣ୍ଡାୟତ, ବା: ଉଗ୍ରଖେଳ	
